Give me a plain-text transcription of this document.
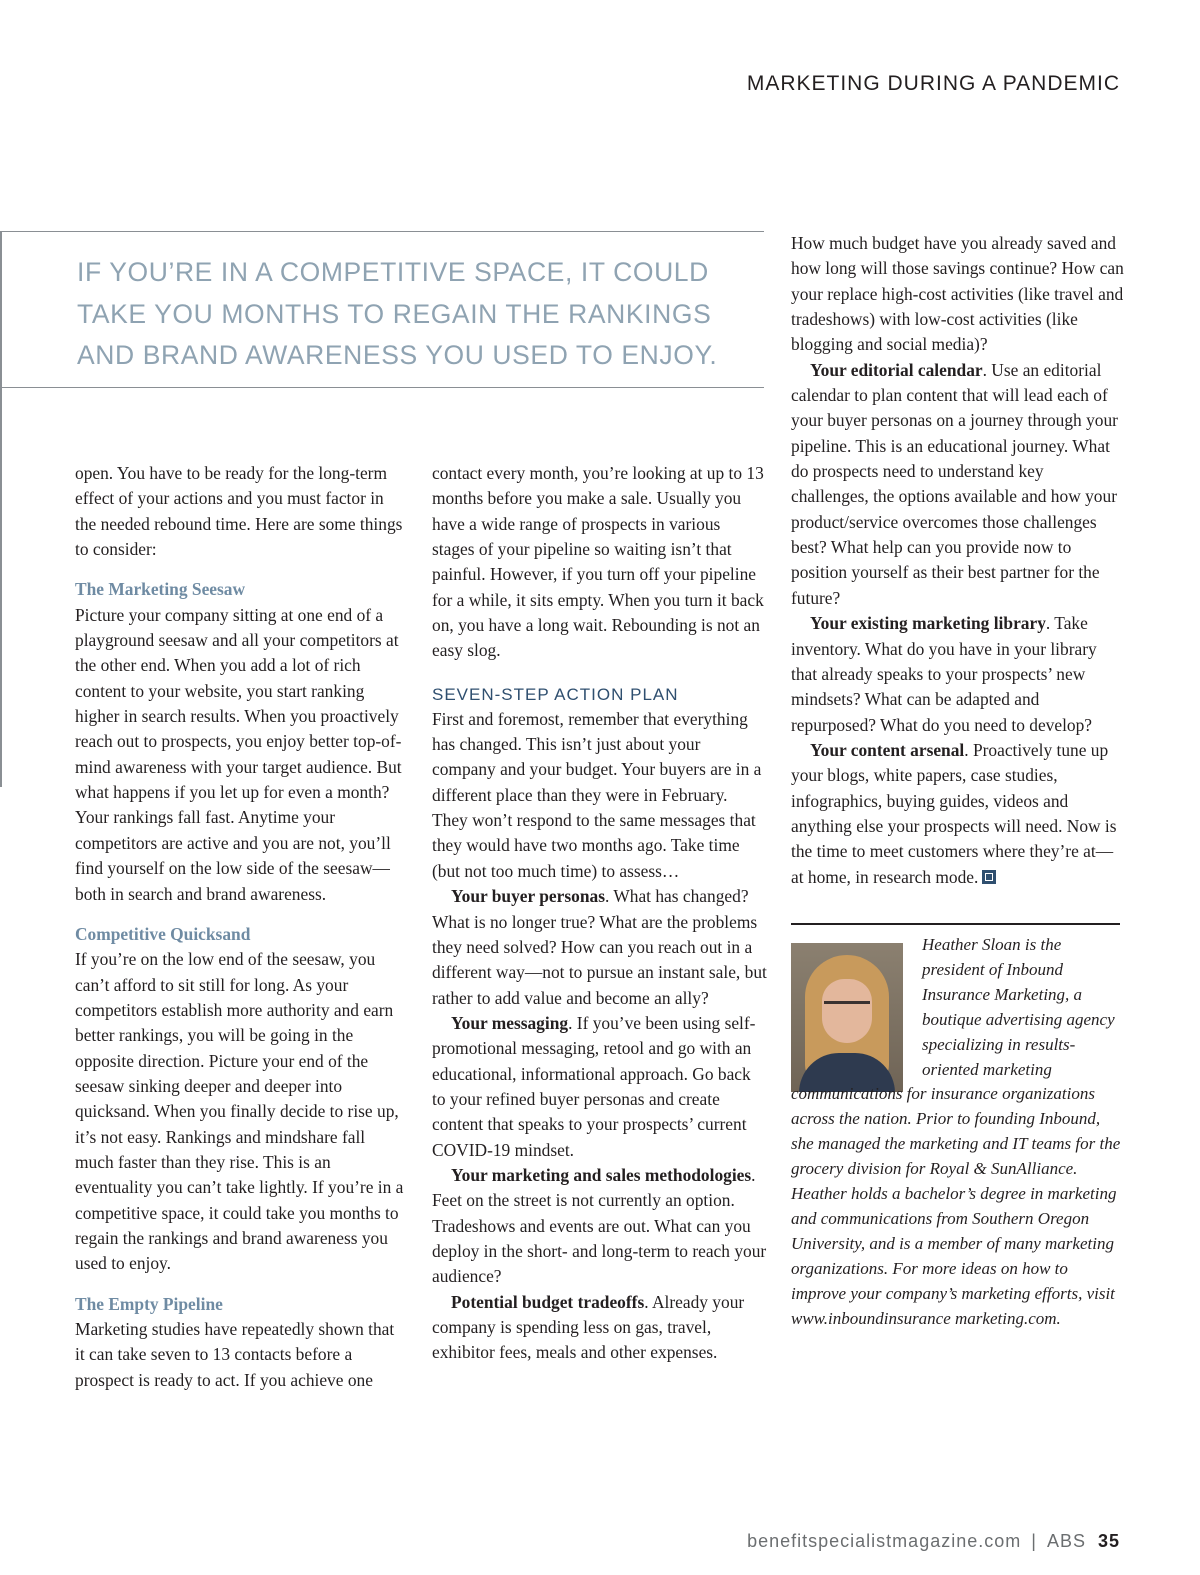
MARKETING DURING A PANDEMIC
IF YOU’RE IN A COMPETITIVE SPACE, IT COULD TAKE YOU MONTHS TO REGAIN THE RANKINGS AND BRAND AWARENESS YOU USED TO ENJOY.

open. You have to be ready for the long-term effect of your actions and you must factor in the needed rebound time. Here are some things to consider:

The Marketing Seesaw

Picture your company sitting at one end of a playground seesaw and all your competitors at the other end. When you add a lot of rich content to your website, you start ranking higher in search results. When you proactively reach out to prospects, you enjoy better top-of-mind awareness with your target audience. But what happens if you let up for even a month? Your rankings fall fast. Anytime your competitors are active and you are not, you’ll find yourself on the low side of the seesaw—both in search and brand awareness.

Competitive Quicksand

If you’re on the low end of the seesaw, you can’t afford to sit still for long. As your competitors establish more authority and earn better rankings, you will be going in the opposite direction. Picture your end of the seesaw sinking deeper and deeper into quicksand. When you finally decide to rise up, it’s not easy. Rankings and mindshare fall much faster than they rise. This is an eventuality you can’t take lightly. If you’re in a competitive space, it could take you months to regain the rankings and brand awareness you used to enjoy.

The Empty Pipeline

Marketing studies have repeatedly shown that it can take seven to 13 contacts before a prospect is ready to act. If you achieve one

contact every month, you’re looking at up to 13 months before you make a sale. Usually you have a wide range of prospects in various stages of your pipeline so waiting isn’t that painful. However, if you turn off your pipeline for a while, it sits empty. When you turn it back on, you have a long wait. Rebounding is not an easy slog.

SEVEN-STEP ACTION PLAN

First and foremost, remember that everything has changed. This isn’t just about your company and your budget. Your buyers are in a different place than they were in February. They won’t respond to the same messages that they would have two months ago. Take time (but not too much time) to assess…

Your buyer personas. What has changed? What is no longer true? What are the problems they need solved? How can you reach out in a different way—not to pursue an instant sale, but rather to add value and become an ally?

Your messaging. If you’ve been using self-promotional messaging, retool and go with an educational, informational approach. Go back to your refined buyer personas and create content that speaks to your prospects’ current COVID-19 mindset.

Your marketing and sales methodologies. Feet on the street is not currently an option. Tradeshows and events are out. What can you deploy in the short- and long-term to reach your audience?

Potential budget tradeoffs. Already your company is spending less on gas, travel, exhibitor fees, meals and other expenses.

How much budget have you already saved and how long will those savings continue? How can your replace high-cost activities (like travel and tradeshows) with low-cost activities (like blogging and social media)?

Your editorial calendar. Use an editorial calendar to plan content that will lead each of your buyer personas on a journey through your pipeline. This is an educational journey. What do prospects need to understand key challenges, the options available and how your product/service overcomes those challenges best? What help can you provide now to position yourself as their best partner for the future?

Your existing marketing library. Take inventory. What do you have in your library that already speaks to your prospects’ new mindsets? What can be adapted and repurposed? What do you need to develop?

Your content arsenal. Proactively tune up your blogs, white papers, case studies, infographics, buying guides, videos and anything else your prospects will need. Now is the time to meet customers where they’re at—at home, in research mode.

Heather Sloan is the president of Inbound Insurance Marketing, a boutique advertising agency specializing in results-oriented marketing communications for insurance organizations across the nation. Prior to founding Inbound, she managed the marketing and IT teams for the grocery division for Royal & SunAlliance. Heather holds a bachelor’s degree in marketing and communications from Southern Oregon University, and is a member of many marketing organizations. For more ideas on how to improve your company’s marketing efforts, visit www.inboundinsurance marketing.com.
benefitspecialistmagazine.com | ABS 35
